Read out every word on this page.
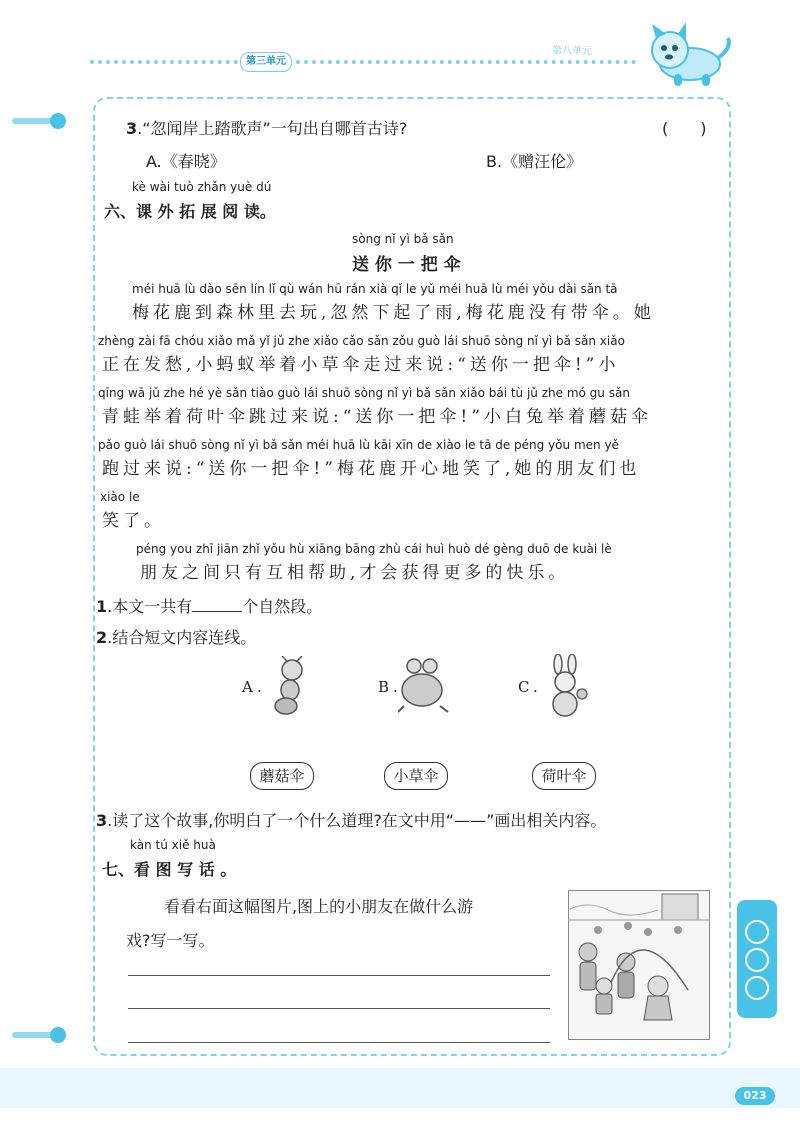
第三单元
第八单元
3.“忽闻岸上踏歌声”一句出自哪首古诗?	(　　)
A.《春晓》	B.《赠汪伦》
kè wài tuò zhǎn yuè dú
六、课 外 拓 展 阅 读。
sòng nǐ yì bǎ sǎn
送 你 一 把 伞
méi huā lù dào sēn lín lǐ qù wán hū rán xià qǐ le yǔ méi huā lù méi yǒu dài sǎn tā
梅花鹿到森林里去玩,忽然下起了雨,梅花鹿没有带伞。她
zhèng zài fā chóu xiǎo mǎ yǐ jǔ zhe xiǎo cǎo sǎn zǒu guò lái shuō sòng nǐ yì bǎ sǎn xiǎo
正在发愁,小蚂蚁举着小草伞走过来说:“送你一把伞!”小
qīng wā jǔ zhe hé yè sǎn tiào guò lái shuō sòng nǐ yì bǎ sǎn xiǎo bái tù jǔ zhe mó gu sǎn
青蛙举着荷叶伞跳过来说:“送你一把伞!”小白兔举着蘑菇伞
pǎo guò lái shuō sòng nǐ yì bǎ sǎn méi huā lù kāi xīn de xiào le tā de péng yǒu men yě
跑过来说:“送你一把伞!”梅花鹿开心地笑了,她的朋友们也
xiào le
笑了。
péng you zhī jiān zhǐ yǒu hù xiāng bāng zhù cái huì huò dé gèng duō de kuài lè
朋友之间只有互相帮助,才会获得更多的快乐。
1.本文一共有	个自然段。
2.结合短文内容连线。
A.	B.	C.
蘑菇伞	小草伞	荷叶伞
3.读了这个故事,你明白了一个什么道理?在文中用“——”画出相关内容。
kàn tú xiě huà
七、看 图 写 话 。
看看右面这幅图片,图上的小朋友在做什么游
戏?写一写。
023
